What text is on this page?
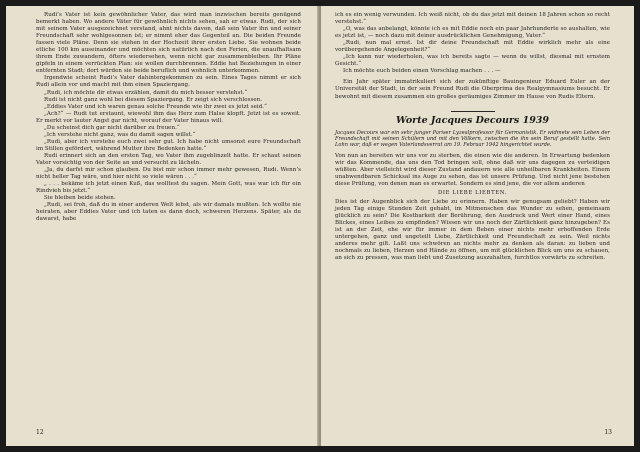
Rudi’s Vater ist kein gewöhnlicher Vater, das wird man inzwischen bereits genügend bemerkt haben. Wo andere Väter für gewöhnlich nichts sehen, sah er etwas. Rudi, der sich mit seinem Vater ausgezeichnet verstand, ahnt nichts davon, daß sein Vater ihn und seiner Freundschaft sehr wohlgesonnen ist; er nimmt eher das Gegenteil an. Die beiden Freunde fassen viele Pläne. Denn sie stehen in der Hochzeit ihrer ersten Liebe. Sie wohnen beide etliche 100 km auseinander und möchten sich natürlich nach den Ferien, die unaufhaltsam ihrem Ende zuwandern, öfters wiedersehen, wenn nicht gar zusammenbleiben. Ihr Pläne gipfeln in einem verrückten Plan: sie wollen durchbrennen. Eddie hat Beziehungen in einer entfernten Stadt; dort würden sie beide beruflich und wohnlich unterkommen.

Irgendwie scheint Rudi’s Vater dahintergekommen zu sein. Eines Tages nimmt er sich Rudi allein vor und macht mit ihm einen Spaziergang.

„Rudi, ich möchte dir etwas erzählen, damit du mich besser verstehst.“

Rudi ist nicht ganz wohl bei diesem Spaziergang. Er zeigt sich verschlossen.

„Eddies Vater und ich waren genau solche Freunde wie ihr zwei es jetzt seid.“

„Ach?“ — Rudi tut erstaunt, wiewohl ihm das Herz zum Halse klopft. Jetzt ist es soweit. Er merkt vor lauter Angst gar nicht, worauf der Vater hinaus will.

„Du scheinst dich gar nicht darüber zu freuen.“

„Ich verstehe nicht ganz, was du damit sagen willst.“

„Rudi, aber ich verstehe euch zwei sehr gut. Ich habe nicht umsonst eure Freundschaft im Stillen gefördert, während Mutter ihre Bedenken hatte.“

Rudi erinnert sich an den ersten Tag, wo Vater ihm zugeblinzelt hatte. Er schaut seinen Vater vorsichtig von der Seite an und versucht zu lächeln.

„Ja, du darfst mir schon glauben. Du bist mir schon immer mehr gewesen, Rudi. Wenn’s nicht heller Tag wäre, und hier nicht so viele wären . . .“

„ . . . bekäme ich jetzt einen Kuß, das wolltest du sagen. Mein Gott, was war ich für ein Rindvieh bis jetzt.“

Sie bleiben beide stehen.

„Rudi, sei froh, daß du in einer anderen Welt lebst, als wir damals mußten. Ich wollte nie heiraten, aber Eddies Vater und ich taten es dann doch, schweren Herzens. Später, als du dawarst, habe

12

ich es ein wenig verwunden. Ich weiß nicht, ob du das jetzt mit deinen 18 Jahren schon so recht verstehst.“

„O, was das anbelangt, könnte ich es mit Eddie noch ein paar Jahrhunderte so aushalten, wie es jetzt ist, — noch dazu mit deiner ausdrücklichen Genehmigung, Vater.“

„Rudi, nun mal ernst. Ist dir deine Freundschaft mit Eddie wirklich mehr als eine vorübergehende Angelegenheit?“

„Ich kann nur wiederholen, was ich bereits sagte — wenn du willst, diesmal mit ernstem Gesicht.“

Ich möchte euch beiden einen Vorschlag machen . . . —

Ein Jahr später immatrikuliert sich der zukünftige Bauingenieur Eduard Euler an der Universität der Stadt, in der sein Freund Rudi die Oberprima des Realgymnasiums besucht. Er bewohnt mit diesem zusammen ein großes geräumiges Zimmer im Hause von Rudis Eltern.

Worte Jacques Decours 1939

Jacques Decours war ein sehr junger Pariser Lyzealprofessor für Germanistik. Er widmete sein Leben der Freundschaft mit seinen Schülern und mit den Völkern, zwischen die ihn sein Beruf gestellt hatte. Sein Lohn war, daß er wegen Vaterlandsverrat am 19. Februar 1942 hingerichtet wurde.

Von nun an bereiten wir uns vor zu sterben, die einen wie die anderen. In Erwartung bedenken wir das Kommende, das uns den Tod bringen soll, ohne daß wir uns dagegen zu verteidigen wüßten. Aber vielleicht wird dieser Zustand andauern wie alle unheilbaren Krankheiten. Einem unabwendbaren Schicksal ins Auge zu sehen, das ist unsere Prüfung. Und nicht jene bestehen diese Prüfung, von denen man es erwartet. Sondern es sind jene, die vor allem anderen

DIE LIEBE LIEBTEN.

Dies ist der Augenblick sich der Liebe zu erinnern. Haben wir genugsam geliebt? Haben wir jeden Tag einige Stunden Zeit gehabt, im Mitmenschen das Wunder zu sehen, gemeinsam glücklich zu sein? Die Kostbarkeit der Berührung, den Ausdruck und Wert einer Hand, eines Blickes, eines Leibes zu empfinden? Wissen wir uns noch der Zärtlichkeit ganz hinzugeben? Es ist an der Zeit, ehe wir für immer in dem Beben einer nichts mehr erhoffenden Erde untergehen, ganz und ungeteilt Liebe, Zärtlichkeit und Freundschaft zu sein. Weil nichts anderes mehr gilt. Laßt uns schwören an nichts mehr zu denken als daran: zu lieben und nochmals zu lieben, Herzen und Hände zu öffnen, um mit glücklichen Blick um uns zu schauen, an sich zu pressen, was man liebt und Zusetzung auszuhalten, furchtlos vorwärts zu schreiten.

13
